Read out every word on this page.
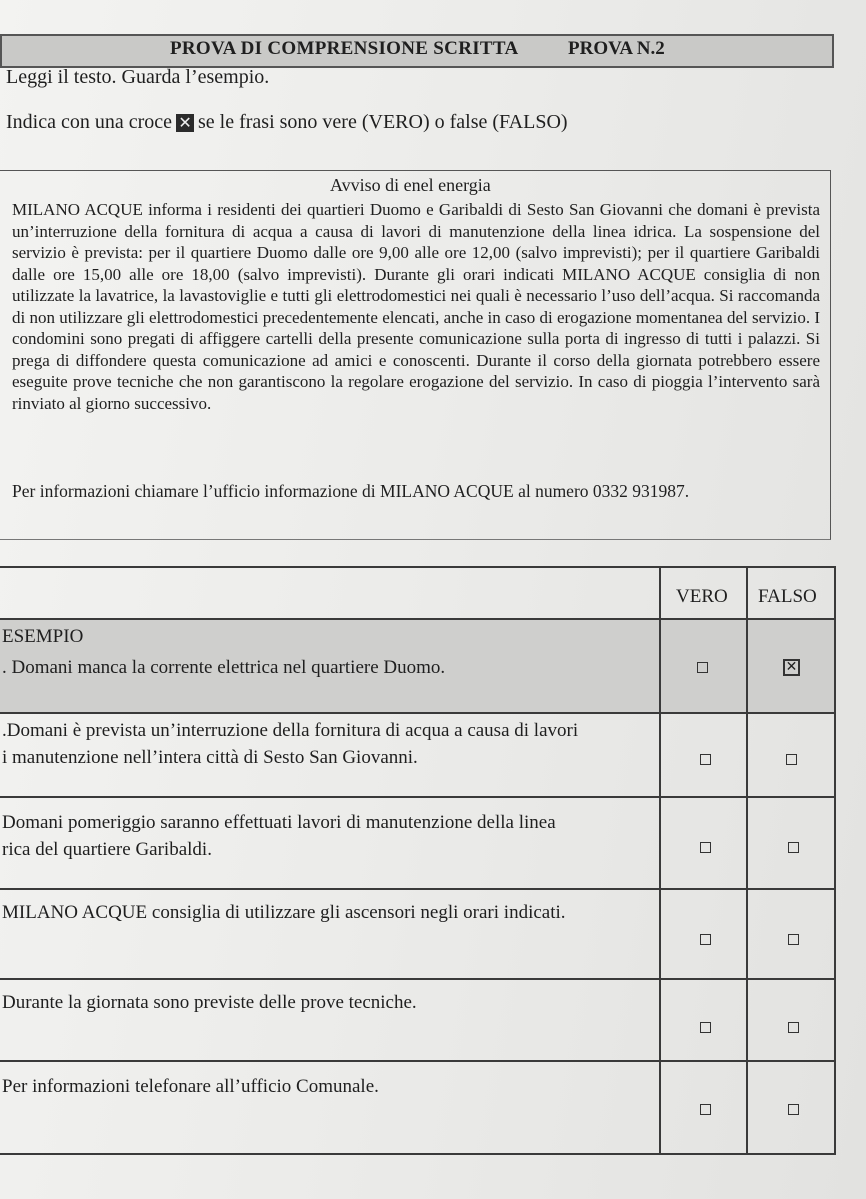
PROVA DI COMPRENSIONE SCRITTA	PROVA N.2
Leggi il testo. Guarda l’esempio.
Indica con una croce ✕ se le frasi sono vere (VERO) o false (FALSO)
Avviso di enel energia
MILANO ACQUE informa i residenti dei quartieri Duomo e Garibaldi di Sesto San Giovanni che domani è prevista un’interruzione della fornitura di acqua a causa di lavori di manutenzione della linea idrica. La sospensione del servizio è prevista: per il quartiere Duomo dalle ore 9,00 alle ore 12,00 (salvo imprevisti); per il quartiere Garibaldi dalle ore 15,00 alle ore 18,00 (salvo imprevisti). Durante gli orari indicati MILANO ACQUE consiglia di non utilizzate la lavatrice, la lavastoviglie e tutti gli elettrodomestici nei quali è necessario l’uso dell’acqua. Si raccomanda di non utilizzare gli elettrodomestici precedentemente elencati, anche in caso di erogazione momentanea del servizio. I condomini sono pregati di affiggere cartelli della presente comunicazione sulla porta di ingresso di tutti i palazzi. Si prega di diffondere questa comunicazione ad amici e conoscenti. Durante il corso della giornata potrebbero essere eseguite prove tecniche che non garantiscono la regolare erogazione del servizio. In caso di pioggia l’intervento sarà rinviato al giorno successivo.
Per informazioni chiamare l’ufficio informazione di MILANO ACQUE al numero 0332 931987.
VERO FALSO
ESEMPIO
. Domani manca la corrente elettrica nel quartiere Duomo.	✕
.Domani è prevista un’interruzione della fornitura di acqua a causa di lavori
i manutenzione nell’intera città di Sesto San Giovanni.
Domani pomeriggio saranno effettuati lavori di manutenzione della linea
rica del quartiere Garibaldi.
MILANO ACQUE consiglia di utilizzare gli ascensori negli orari indicati.
Durante la giornata sono previste delle prove tecniche.
Per informazioni telefonare all’ufficio Comunale.
